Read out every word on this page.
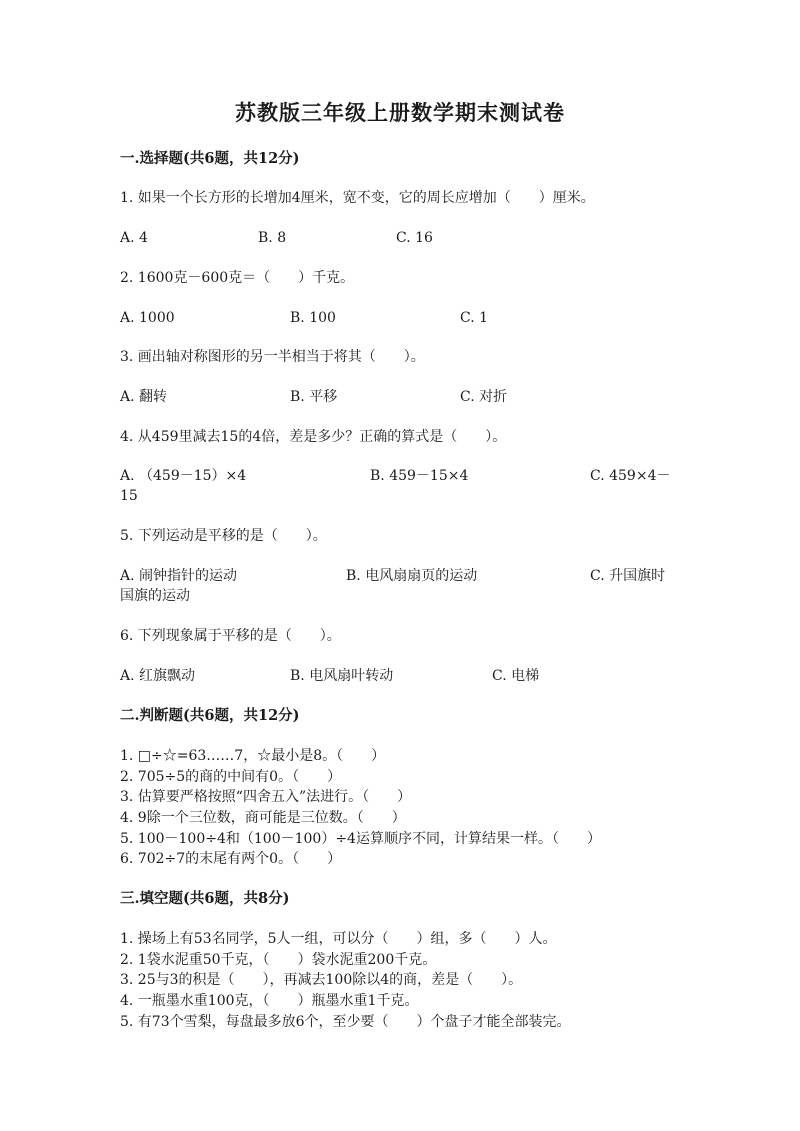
苏教版三年级上册数学期末测试卷
一.选择题(共6题，共12分)
1. 如果一个长方形的长增加4厘米，宽不变，它的周长应增加（　　）厘米。
A. 4	B. 8	C. 16
2. 1600克－600克＝（　　）千克。
A. 1000	B. 100	C. 1
3. 画出轴对称图形的另一半相当于将其（　　）。
A. 翻转	B. 平移	C. 对折
4. 从459里减去15的4倍，差是多少？正确的算式是（　　）。
A. （459－15）×4	B. 459－15×4	C. 459×4－
15
5. 下列运动是平移的是（　　）。
A. 闹钟指针的运动	B. 电风扇扇页的运动	C. 升国旗时
国旗的运动
6. 下列现象属于平移的是（　　）。
A. 红旗飘动	B. 电风扇叶转动	C. 电梯
二.判断题(共6题，共12分)
1. □÷☆=63……7，☆最小是8。（　　）
2. 705÷5的商的中间有0。（　　）
3. 估算要严格按照“四舍五入”法进行。（　　）
4. 9除一个三位数，商可能是三位数。（　　）
5. 100－100÷4和（100－100）÷4运算顺序不同，计算结果一样。（　　）
6. 702÷7的末尾有两个0。（　　）
三.填空题(共6题，共8分)
1. 操场上有53名同学，5人一组，可以分（　　）组，多（　　）人。
2. 1袋水泥重50千克，（　　）袋水泥重200千克。
3. 25与3的积是（　　），再减去100除以4的商，差是（　　）。
4. 一瓶墨水重100克，（　　）瓶墨水重1千克。
5. 有73个雪梨，每盘最多放6个，至少要（　　）个盘子才能全部装完。
